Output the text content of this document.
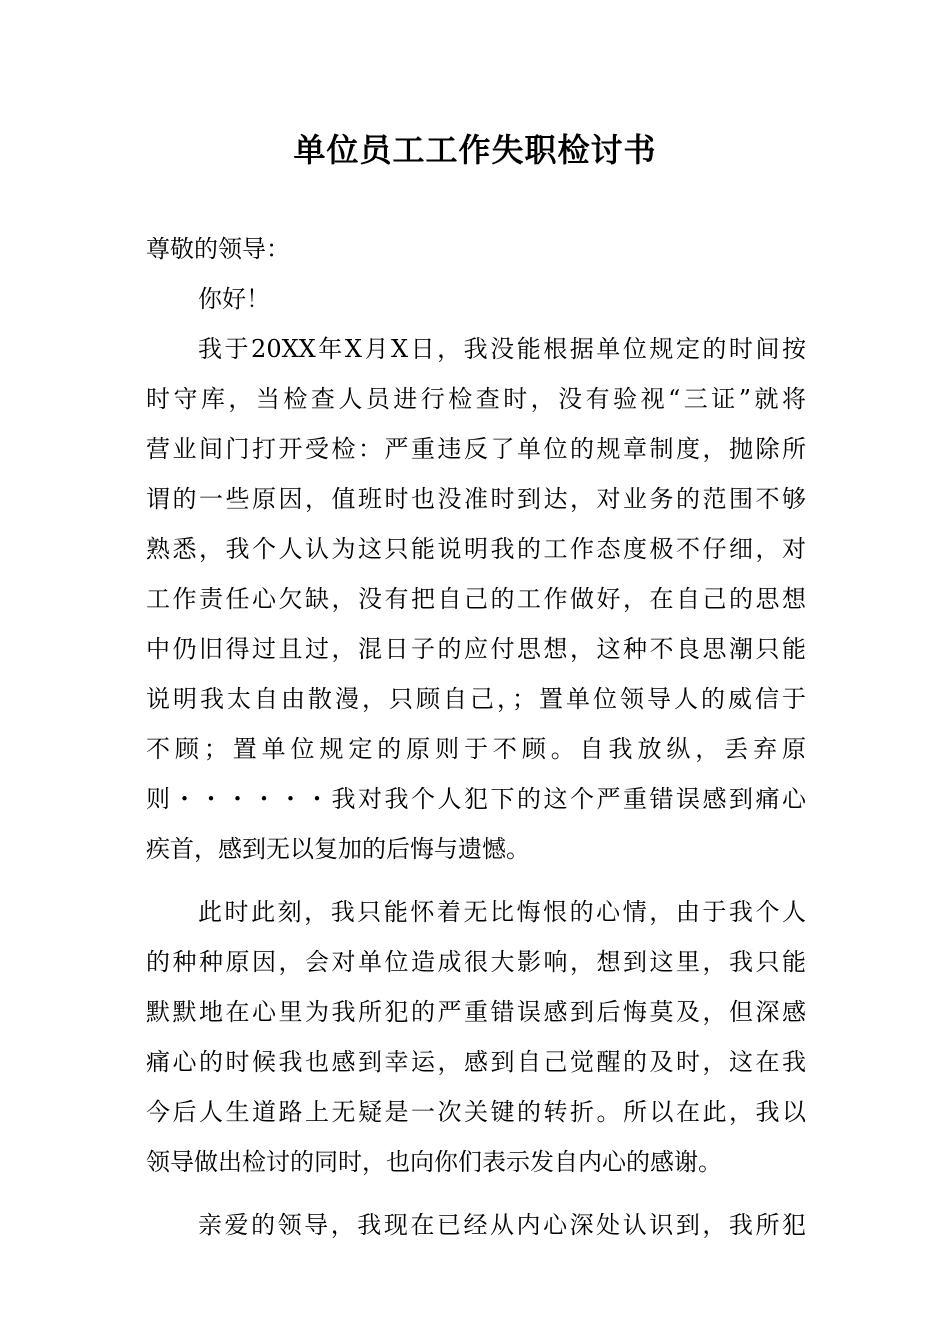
单位员工工作失职检讨书
尊敬的领导：
你好！
我于20XX年X月X日，我没能根据单位规定的时间按
时守库，当检查人员进行检查时，没有验视“三证”就将
营业间门打开受检：严重违反了单位的规章制度，抛除所
谓的一些原因，值班时也没准时到达，对业务的范围不够
熟悉，我个人认为这只能说明我的工作态度极不仔细，对
工作责任心欠缺，没有把自己的工作做好，在自己的思想
中仍旧得过且过，混日子的应付思想，这种不良思潮只能
说明我太自由散漫，只顾自己，；置单位领导人的威信于
不顾；置单位规定的原则于不顾。自我放纵，丢弃原
则・・・・・・我对我个人犯下的这个严重错误感到痛心
疾首，感到无以复加的后悔与遗憾。
此时此刻，我只能怀着无比悔恨的心情，由于我个人
的种种原因，会对单位造成很大影响，想到这里，我只能
默默地在心里为我所犯的严重错误感到后悔莫及，但深感
痛心的时候我也感到幸运，感到自己觉醒的及时，这在我
今后人生道路上无疑是一次关键的转折。所以在此，我以
领导做出检讨的同时，也向你们表示发自内心的感谢。
亲爱的领导，我现在已经从内心深处认识到，我所犯
